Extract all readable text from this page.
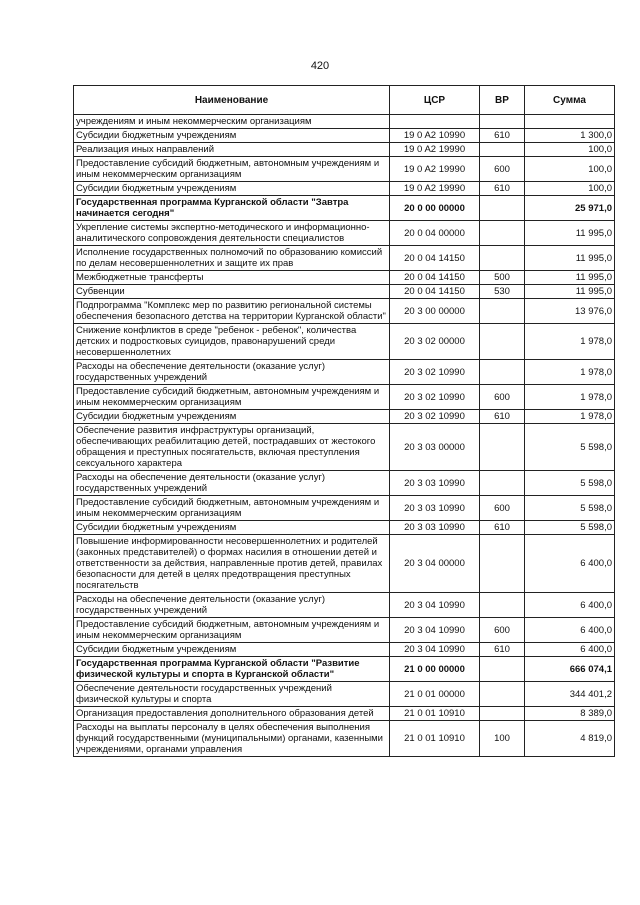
420
Наименование	ЦСР	ВР	Сумма
учреждениям и иным некоммерческим организациям			
Субсидии бюджетным учреждениям	19 0 A2 10990	610	1 300,0
Реализация иных направлений	19 0 A2 19990		100,0
Предоставление субсидий бюджетным, автономным учреждениям и иным некоммерческим организациям	19 0 A2 19990	600	100,0
Субсидии бюджетным учреждениям	19 0 A2 19990	610	100,0
Государственная программа Курганской области "Завтра начинается сегодня"	20 0 00 00000		25 971,0
Укрепление системы экспертно-методического и информационно-аналитического сопровождения деятельности специалистов	20 0 04 00000		11 995,0
Исполнение государственных полномочий по образованию комиссий по делам несовершеннолетних и защите их прав	20 0 04 14150		11 995,0
Межбюджетные трансферты	20 0 04 14150	500	11 995,0
Субвенции	20 0 04 14150	530	11 995,0
Подпрограмма "Комплекс мер по развитию региональной системы обеспечения безопасного детства на территории Курганской области"	20 3 00 00000		13 976,0
Снижение конфликтов в среде "ребенок - ребенок", количества детских и подростковых суицидов, правонарушений среди несовершеннолетних	20 3 02 00000		1 978,0
Расходы на обеспечение деятельности (оказание услуг) государственных учреждений	20 3 02 10990		1 978,0
Предоставление субсидий бюджетным, автономным учреждениям и иным некоммерческим организациям	20 3 02 10990	600	1 978,0
Субсидии бюджетным учреждениям	20 3 02 10990	610	1 978,0
Обеспечение развития инфраструктуры организаций, обеспечивающих реабилитацию детей, пострадавших от жестокого обращения и преступных посягательств, включая преступления сексуального характера	20 3 03 00000		5 598,0
Расходы на обеспечение деятельности (оказание услуг) государственных учреждений	20 3 03 10990		5 598,0
Предоставление субсидий бюджетным, автономным учреждениям и иным некоммерческим организациям	20 3 03 10990	600	5 598,0
Субсидии бюджетным учреждениям	20 3 03 10990	610	5 598,0
Повышение информированности несовершеннолетних и родителей (законных представителей) о формах насилия в отношении детей и ответственности за действия, направленные против детей, правилах безопасности для детей в целях предотвращения преступных посягательств	20 3 04 00000		6 400,0
Расходы на обеспечение деятельности (оказание услуг) государственных учреждений	20 3 04 10990		6 400,0
Предоставление субсидий бюджетным, автономным учреждениям и иным некоммерческим организациям	20 3 04 10990	600	6 400,0
Субсидии бюджетным учреждениям	20 3 04 10990	610	6 400,0
Государственная программа Курганской области "Развитие физической культуры и спорта в Курганской области"	21 0 00 00000		666 074,1
Обеспечение деятельности государственных учреждений физической культуры и спорта	21 0 01 00000		344 401,2
Организация предоставления дополнительного образования детей	21 0 01 10910		8 389,0
Расходы на выплаты персоналу в целях обеспечения выполнения функций государственными (муниципальными) органами, казенными учреждениями, органами управления	21 0 01 10910	100	4 819,0
